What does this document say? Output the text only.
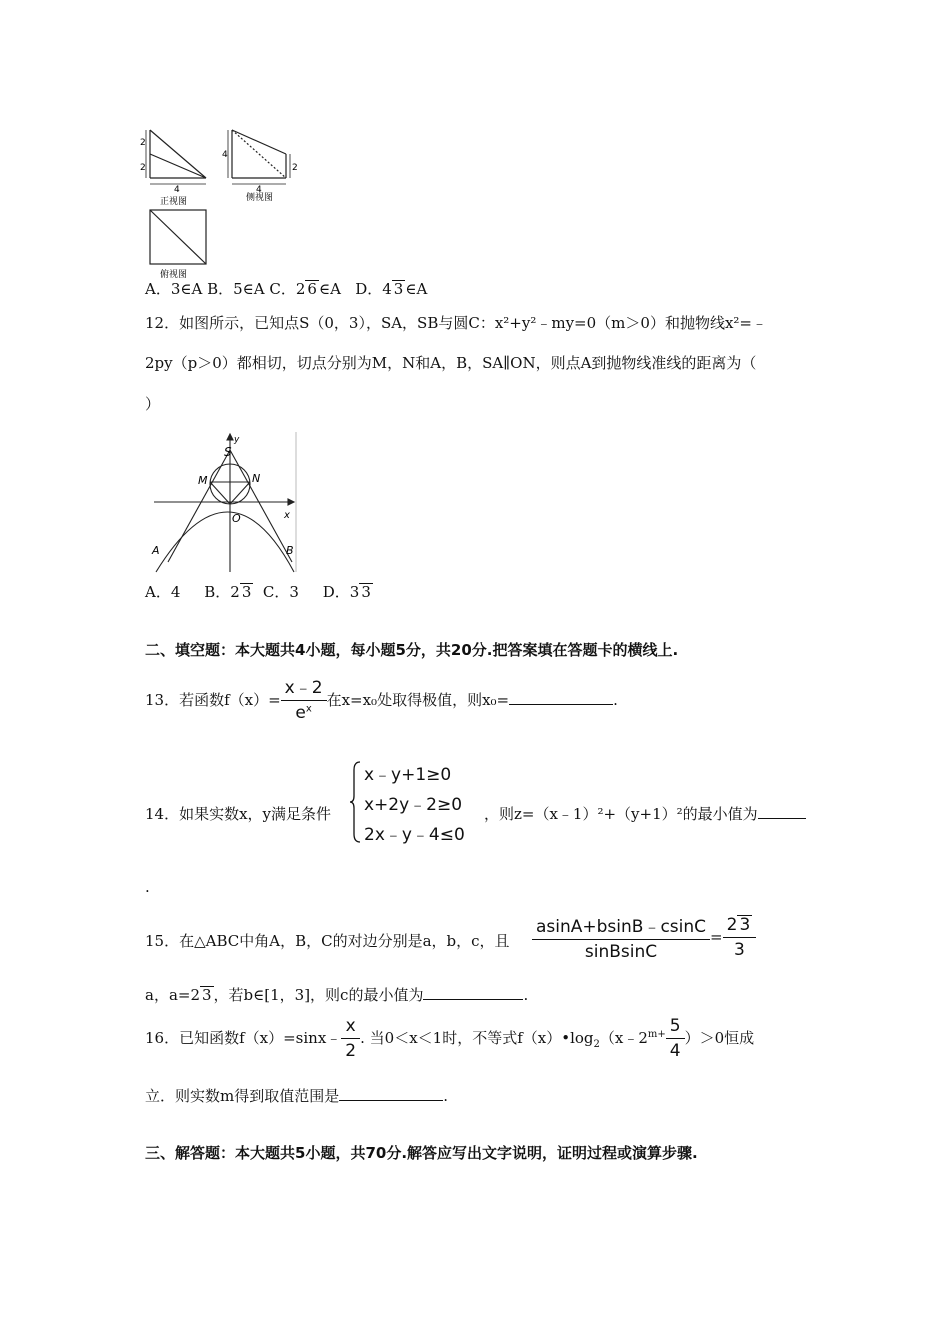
2
2
4
正视图
4
2
4
侧视图
俯视图
A．3∈A B．5∈A C．2 6 ∈A D．4 3 ∈A
12．如图所示，已知点S（0，3），SA，SB与圆C：x²+y²﹣my=0（m＞0）和抛物线x²=﹣
2py（p＞0）都相切，切点分别为M，N和A，B，SA∥ON，则点A到抛物线准线的距离为（
）
y
S
M	N
O	x
A	B
A．4 B．2 3 C．3 D．3 3
二、填空题：本大题共4小题，每小题5分，共20分.把答案填在答题卡的横线上.
13．若函数$f(x)= \frac{x﹣2}{e^x}$ 在x=x₀处取得极值，则x₀=	.
14．如果实数x，y满足条件
x﹣y+1≥0
x+2y﹣2≥0
2x﹣y﹣4≤0
，则z=（x﹣1）²+（y+1）²的最小值为
.
15．在△ABC中角A，B，C的对边分别是a，b，c，且 $\frac{asinA+bsinB﹣csinC}{\text{sinBsinC}} = \frac{2 3}{3}$
a，a=2 3 ，若b∈[1，3]，则c的最小值为	.
16．已知函数f（x）=sinx﹣ $\frac{x}{2}$ . 当0＜x＜1时，不等式$f(x)•\log_2(x﹣2^{m+} \frac{5}{4} )>0$恒成
立．则实数m得到取值范围是	.
三、解答题：本大题共5小题，共70分.解答应写出文字说明，证明过程或演算步骤.
